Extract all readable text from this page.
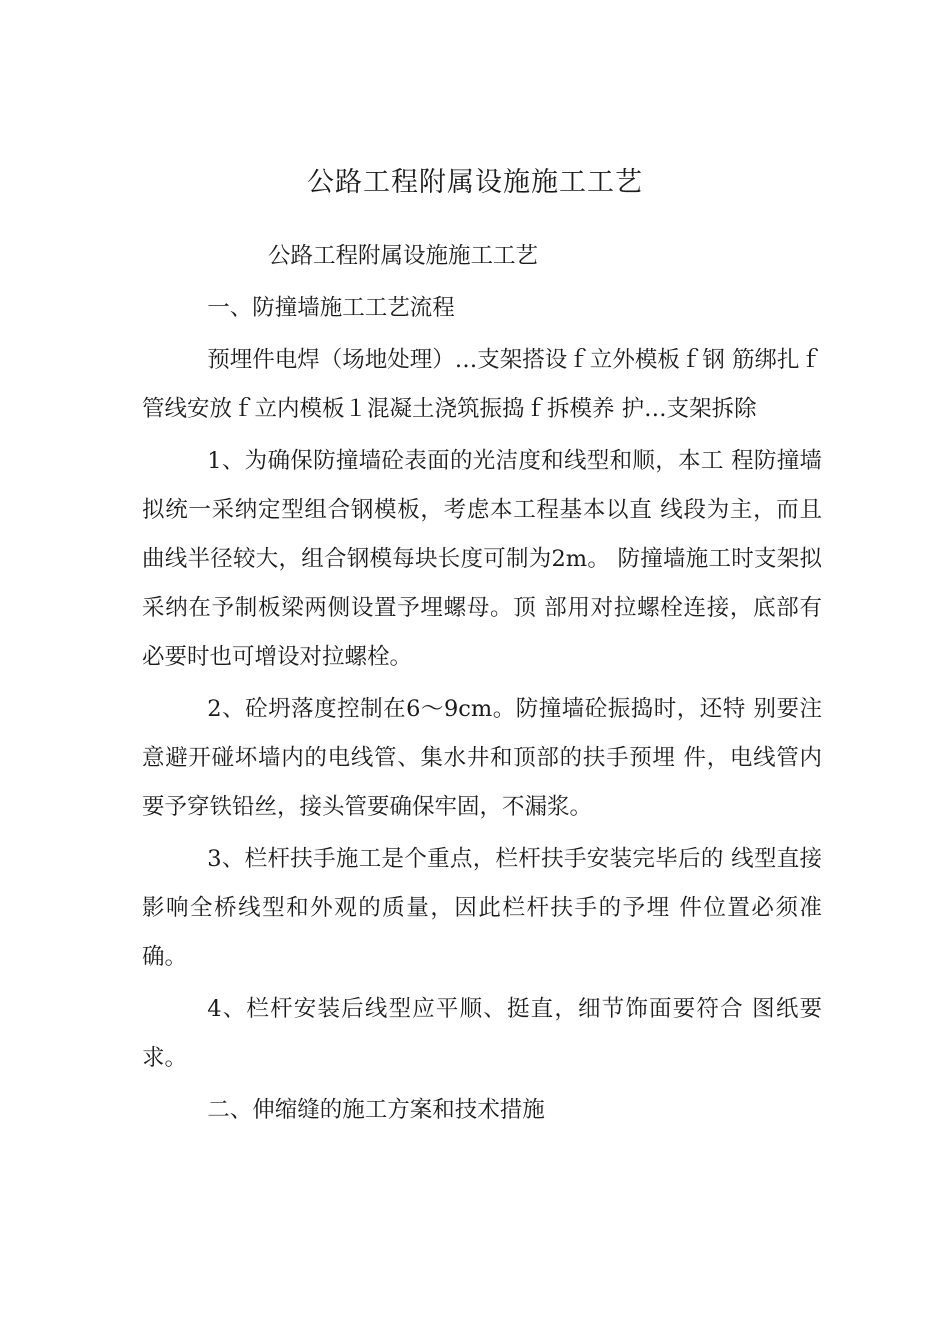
公路工程附属设施施工工艺

公路工程附属设施施工工艺

一、防撞墙施工工艺流程

预埋件电焊（场地处理）…支架搭设ｆ立外模板ｆ钢 筋绑扎ｆ管线安放ｆ立内模板１混凝土浇筑振捣ｆ拆模养 护…支架拆除

1、为确保防撞墙砼表面的光洁度和线型和顺，本工 程防撞墙拟统一采纳定型组合钢模板，考虑本工程基本以直 线段为主，而且曲线半径较大，组合钢模每块长度可制为2m。 防撞墙施工时支架拟采纳在予制板梁两侧设置予埋螺母。顶 部用对拉螺栓连接，底部有必要时也可增设对拉螺栓。

2、砼坍落度控制在6〜9cm。防撞墙砼振捣时，还特 别要注意避开碰坏墙内的电线管、集水井和顶部的扶手预埋 件，电线管内要予穿铁铅丝，接头管要确保牢固，不漏浆。

3、栏杆扶手施工是个重点，栏杆扶手安装完毕后的 线型直接影响全桥线型和外观的质量，因此栏杆扶手的予埋 件位置必须准确。

4、栏杆安装后线型应平顺、挺直，细节饰面要符合 图纸要求。

二、伸缩缝的施工方案和技术措施
